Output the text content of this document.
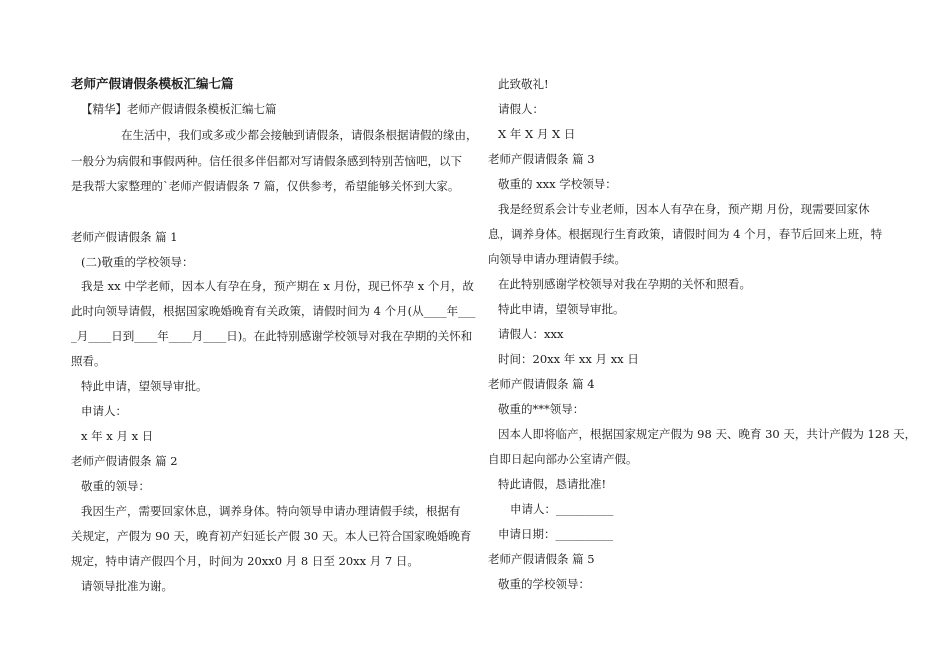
老师产假请假条模板汇编七篇
【精华】老师产假请假条模板汇编七篇
在生活中，我们或多或少都会接触到请假条，请假条根据请假的缘由，
一般分为病假和事假两种。信任很多伴侣都对写请假条感到特别苦恼吧，以下
是我帮大家整理的`老师产假请假条 7 篇，仅供参考，希望能够关怀到大家。
老师产假请假条 篇 1
(二)敬重的学校领导：
我是 xx 中学老师，因本人有孕在身，预产期在 x 月份，现已怀孕 x 个月，故
此时向领导请假，根据国家晚婚晚育有关政策，请假时间为 4 个月(从____年___
_月____日到____年____月____日)。在此特别感谢学校领导对我在孕期的关怀和
照看。
特此申请，望领导审批。
申请人：
x 年 x 月 x 日
老师产假请假条 篇 2
敬重的领导：
我因生产，需要回家休息，调养身体。特向领导申请办理请假手续，根据有
关规定，产假为 90 天，晚育初产妇延长产假 30 天。本人已符合国家晚婚晚育
规定，特申请产假四个月，时间为 20xx0 月 8 日至 20xx 月 7 日。
请领导批准为谢。
此致敬礼!
请假人：
X 年 X 月 X 日
老师产假请假条 篇 3
敬重的 xxx 学校领导：
我是经贸系会计专业老师，因本人有孕在身，预产期 月份，现需要回家休
息，调养身体。根据现行生育政策，请假时间为 4 个月，春节后回来上班，特
向领导申请办理请假手续。
在此特别感谢学校领导对我在孕期的关怀和照看。
特此申请，望领导审批。
请假人：xxx
时间：20xx 年 xx 月 xx 日
老师产假请假条 篇 4
敬重的***领导：
因本人即将临产，根据国家规定产假为 98 天、晚育 30 天，共计产假为 128 天，
自即日起向部办公室请产假。
特此请假，恳请批准!
申请人：__________
申请日期：__________
老师产假请假条 篇 5
敬重的学校领导：
